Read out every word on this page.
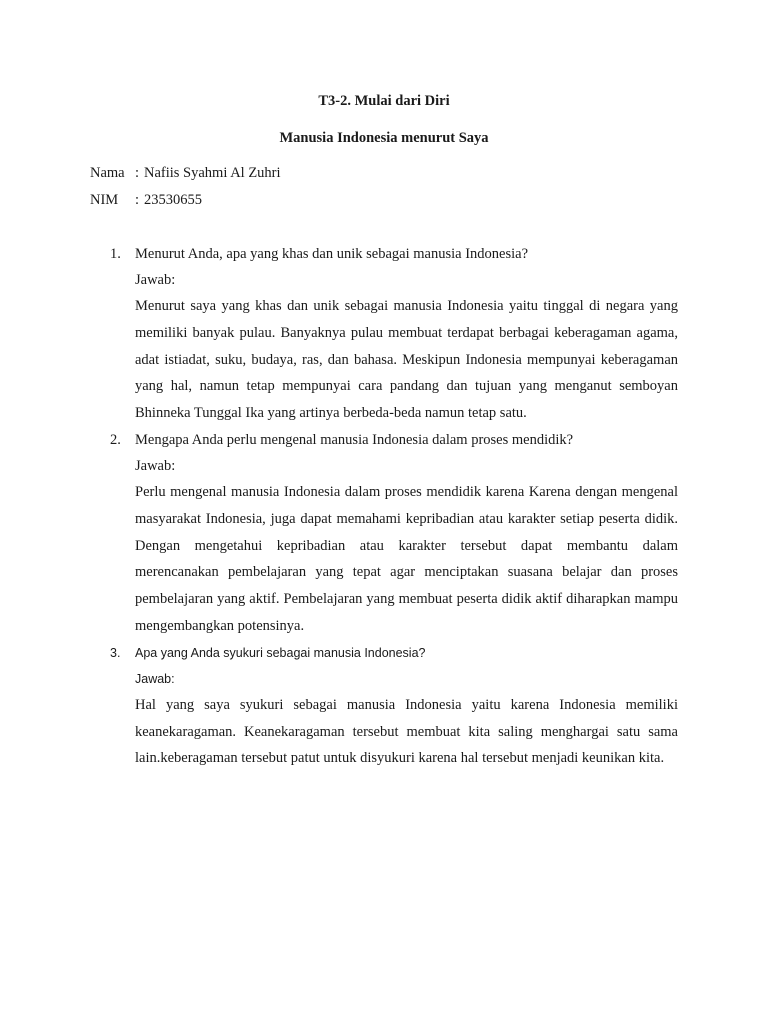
T3-2. Mulai dari Diri
Manusia Indonesia menurut Saya
Nama : Nafiis Syahmi Al Zuhri
NIM	: 23530655
1. Menurut Anda, apa yang khas dan unik sebagai manusia Indonesia?
Jawab:
Menurut saya yang khas dan unik sebagai manusia Indonesia yaitu tinggal di negara yang memiliki banyak pulau. Banyaknya pulau membuat terdapat berbagai keberagaman agama, adat istiadat, suku, budaya, ras, dan bahasa. Meskipun Indonesia mempunyai keberagaman yang hal, namun tetap mempunyai cara pandang dan tujuan yang menganut semboyan Bhinneka Tunggal Ika yang artinya berbeda-beda namun tetap satu.
2. Mengapa Anda perlu mengenal manusia Indonesia dalam proses mendidik?
Jawab:
Perlu mengenal manusia Indonesia dalam proses mendidik karena Karena dengan mengenal masyarakat Indonesia, juga dapat memahami kepribadian atau karakter setiap peserta didik. Dengan mengetahui kepribadian atau karakter tersebut dapat membantu dalam merencanakan pembelajaran yang tepat agar menciptakan suasana belajar dan proses pembelajaran yang aktif. Pembelajaran yang membuat peserta didik aktif diharapkan mampu mengembangkan potensinya.
3.	Apa yang Anda syukuri sebagai manusia Indonesia?
Jawab:
Hal yang saya syukuri sebagai manusia Indonesia yaitu karena Indonesia memiliki keanekaragaman. Keanekaragaman tersebut membuat kita saling menghargai satu sama lain.keberagaman tersebut patut untuk disyukuri karena hal tersebut menjadi keunikan kita.
